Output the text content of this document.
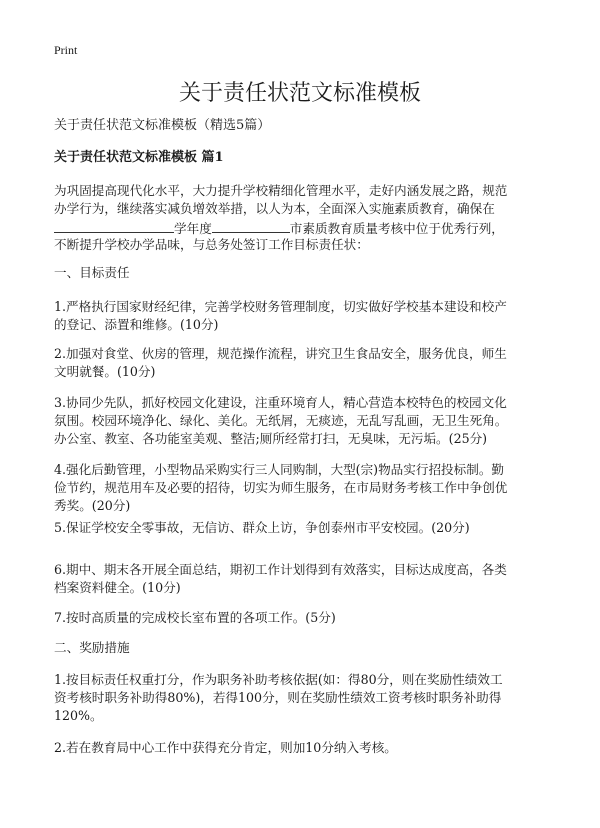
Print
关于责任状范文标准模板
关于责任状范文标准模板（精选5篇）
关于责任状范文标准模板 篇1
为巩固提高现代化水平，大力提升学校精细化管理水平，走好内涵发展之路，规范
办学行为，继续落实减负增效举措，以人为本，全面深入实施素质教育，确保在
学年度	市素质教育质量考核中位于优秀行列，
不断提升学校办学品味，与总务处签订工作目标责任状：
一、目标责任
1.严格执行国家财经纪律，完善学校财务管理制度，切实做好学校基本建设和校产
的登记、添置和维修。(10分)
2.加强对食堂、伙房的管理，规范操作流程，讲究卫生食品安全，服务优良，师生
文明就餐。(10分)
3.协同少先队，抓好校园文化建设，注重环境育人，精心营造本校特色的校园文化
氛围。校园环境净化、绿化、美化。无纸屑，无痰迹，无乱写乱画，无卫生死角。
办公室、教室、各功能室美观、整洁;厕所经常打扫，无臭味，无污垢。(25分)
4.强化后勤管理，小型物品采购实行三人同购制，大型(宗)物品实行招投标制。勤
俭节约，规范用车及必要的招待，切实为师生服务，在市局财务考核工作中争创优
秀奖。(20分)
5.保证学校安全零事故，无信访、群众上访，争创泰州市平安校园。(20分)
6.期中、期末各开展全面总结，期初工作计划得到有效落实，目标达成度高，各类
档案资料健全。(10分)
7.按时高质量的完成校长室布置的各项工作。(5分)
二、奖励措施
1.按目标责任权重打分，作为职务补助考核依据(如：得80分，则在奖励性绩效工
资考核时职务补助得80%)，若得100分，则在奖励性绩效工资考核时职务补助得
120%。
2.若在教育局中心工作中获得充分肯定，则加10分纳入考核。
